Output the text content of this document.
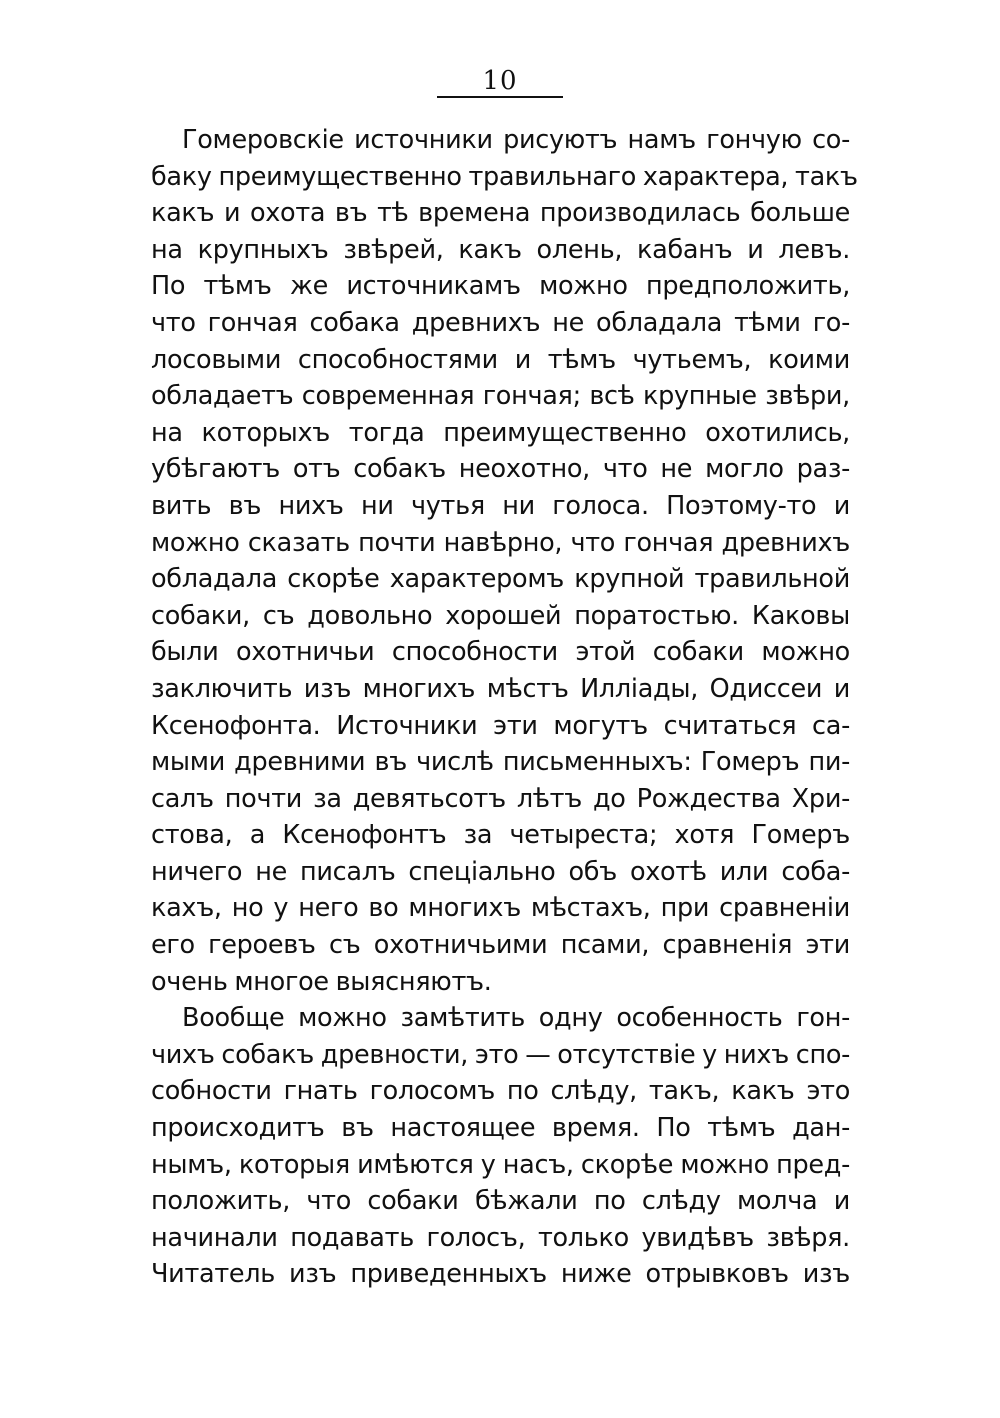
10
Гомеровскіе источники рисуютъ намъ гончую со-
баку преимущественно травильнаго характера, такъ
какъ и охота въ тѣ времена производилась больше
на крупныхъ звѣрей, какъ олень, кабанъ и левъ.
По тѣмъ же источникамъ можно предположить,
что гончая собака древнихъ не обладала тѣми го-
лосовыми способностями и тѣмъ чутьемъ, коими
обладаетъ современная гончая; всѣ крупные звѣри,
на которыхъ тогда преимущественно охотились,
убѣгаютъ отъ собакъ неохотно, что не могло раз-
вить въ нихъ ни чутья ни голоса. Поэтому-то и
можно сказать почти навѣрно, что гончая древнихъ
обладала скорѣе характеромъ крупной травильной
собаки, съ довольно хорошей поратостью. Каковы
были охотничьи способности этой собаки можно
заключить изъ многихъ мѣстъ Илліады, Одиссеи и
Ксенофонта. Источники эти могутъ считаться са-
мыми древними въ числѣ письменныхъ: Гомеръ пи-
салъ почти за девятьсотъ лѣтъ до Рождества Хри-
стова, а Ксенофонтъ за четыреста; хотя Гомеръ
ничего не писалъ спеціально объ охотѣ или соба-
кахъ, но у него во многихъ мѣстахъ, при сравненіи
его героевъ съ охотничьими псами, сравненія эти
очень многое выясняютъ.
Вообще можно замѣтить одну особенность гон-
чихъ собакъ древности, это — отсутствіе у нихъ спо-
собности гнать голосомъ по слѣду, такъ, какъ это
происходитъ въ настоящее время. По тѣмъ дан-
нымъ, которыя имѣются у насъ, скорѣе можно пред-
положить, что собаки бѣжали по слѣду молча и
начинали подавать голосъ, только увидѣвъ звѣря.
Читатель изъ приведенныхъ ниже отрывковъ изъ
